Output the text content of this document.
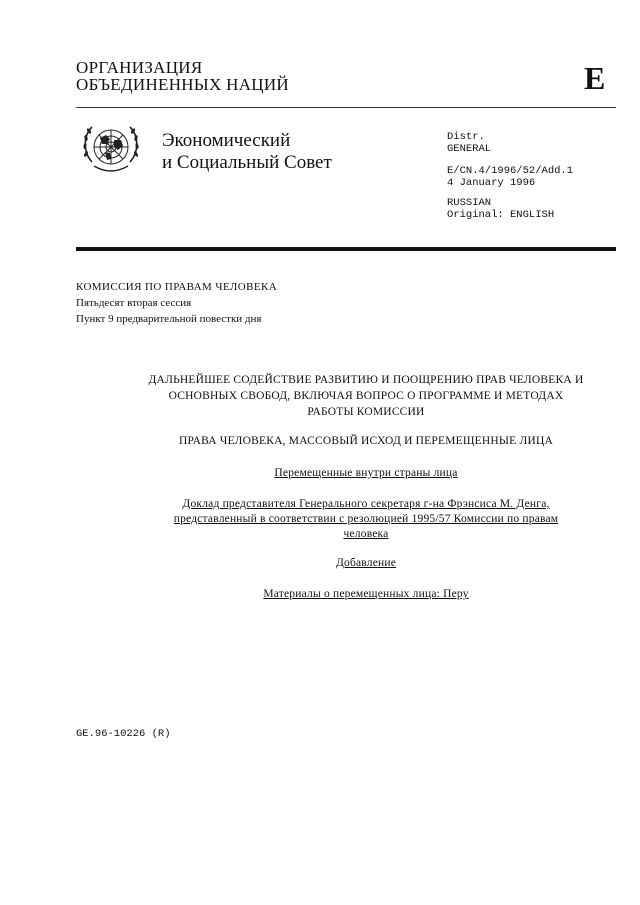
ОРГАНИЗАЦИЯ
ОБЪЕДИНЕННЫХ НАЦИЙ	E
Экономический
и Социальный Совет
Distr.
GENERAL
E/CN.4/1996/52/Add.1
4 January 1996
RUSSIAN
Original: ENGLISH
КОМИССИЯ ПО ПРАВАМ ЧЕЛОВЕКА
Пятьдесят вторая сессия
Пункт 9 предварительной повестки дня
ДАЛЬНЕЙШЕЕ СОДЕЙСТВИЕ РАЗВИТИЮ И ПООЩРЕНИЮ ПРАВ ЧЕЛОВЕКА И
ОСНОВНЫХ СВОБОД, ВКЛЮЧАЯ ВОПРОС О ПРОГРАММЕ И МЕТОДАХ
РАБОТЫ КОМИССИИ
ПРАВА ЧЕЛОВЕКА, МАССОВЫЙ ИСХОД И ПЕРЕМЕЩЕННЫЕ ЛИЦА
Перемещенные внутри страны лица
Доклад представителя Генерального секретаря г-на Фрэнсиса М. Денга,
представленный в соответствии с резолюцией 1995/57 Комиссии по правам
человека
Добавление
Материалы о перемещенных лица: Перу
GE.96-10226 (R)
